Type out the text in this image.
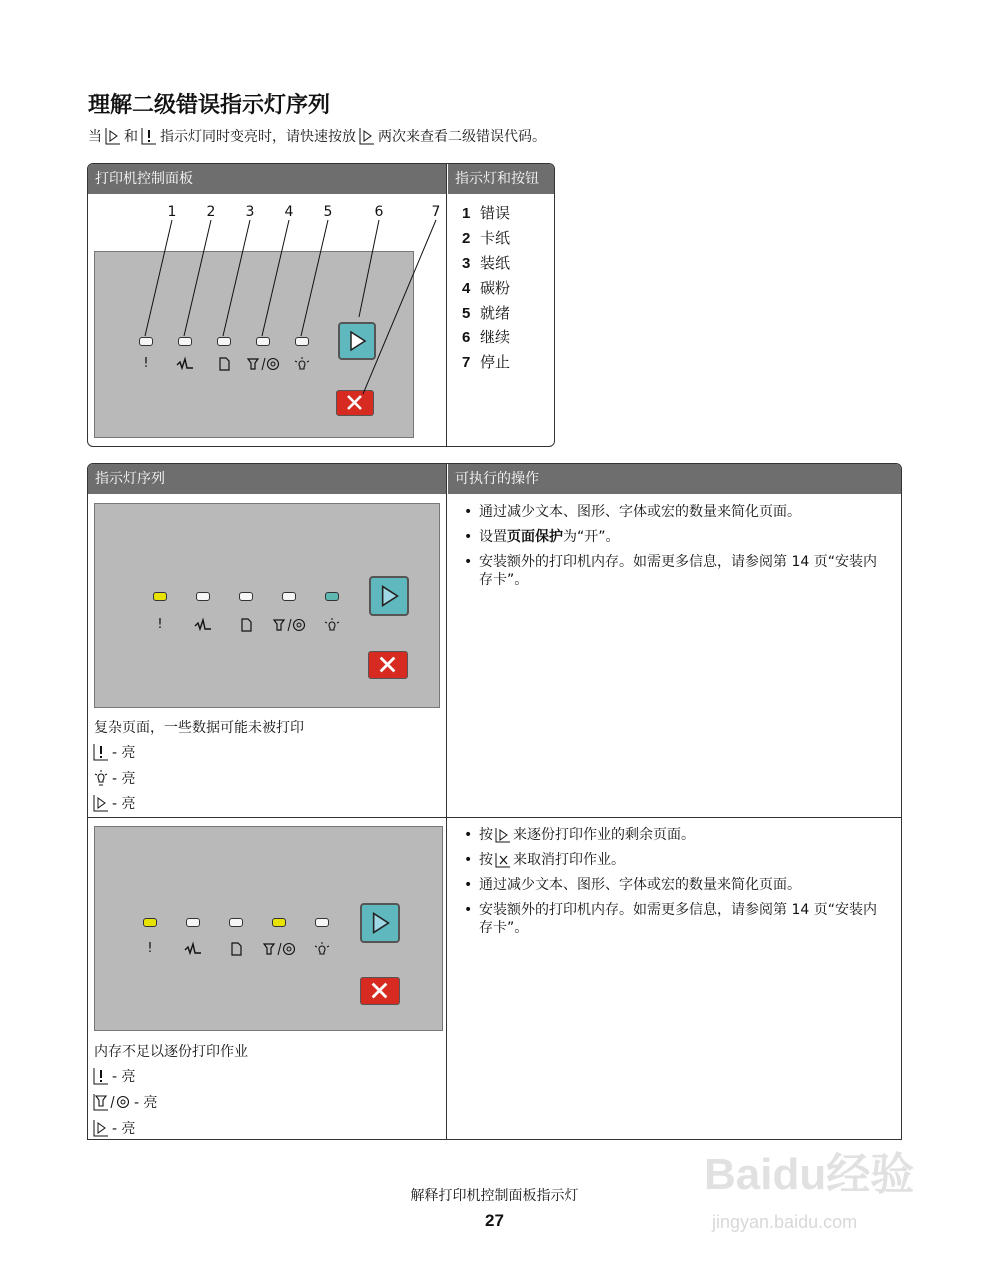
理解二级错误指示灯序列
当 和 指示灯同时变亮时，请快速按放 两次来查看二级错误代码。
打印机控制面板	指示灯和按钮
1 2 3 4 5	6	7
!
1 错误
2 卡纸
3 装纸
4 碳粉
5 就绪
6 继续
7 停止
指示灯序列	可执行的操作
!
复杂页面，一些数据可能未被打印
- 亮
- 亮
- 亮
• 通过减少文本、图形、字体或宏的数量来简化页面。
• 设置页面保护为“开”。
• 安装额外的打印机内存。如需更多信息，请参阅第 14 页“安装内存卡”。
!
内存不足以逐份打印作业
- 亮
- 亮
- 亮
• 按 来逐份打印作业的剩余页面。
• 按 来取消打印作业。
• 通过减少文本、图形、字体或宏的数量来简化页面。
• 安装额外的打印机内存。如需更多信息，请参阅第 14 页“安装内存卡”。
解释打印机控制面板指示灯
27
Baidu经验
jingyan.baidu.com
